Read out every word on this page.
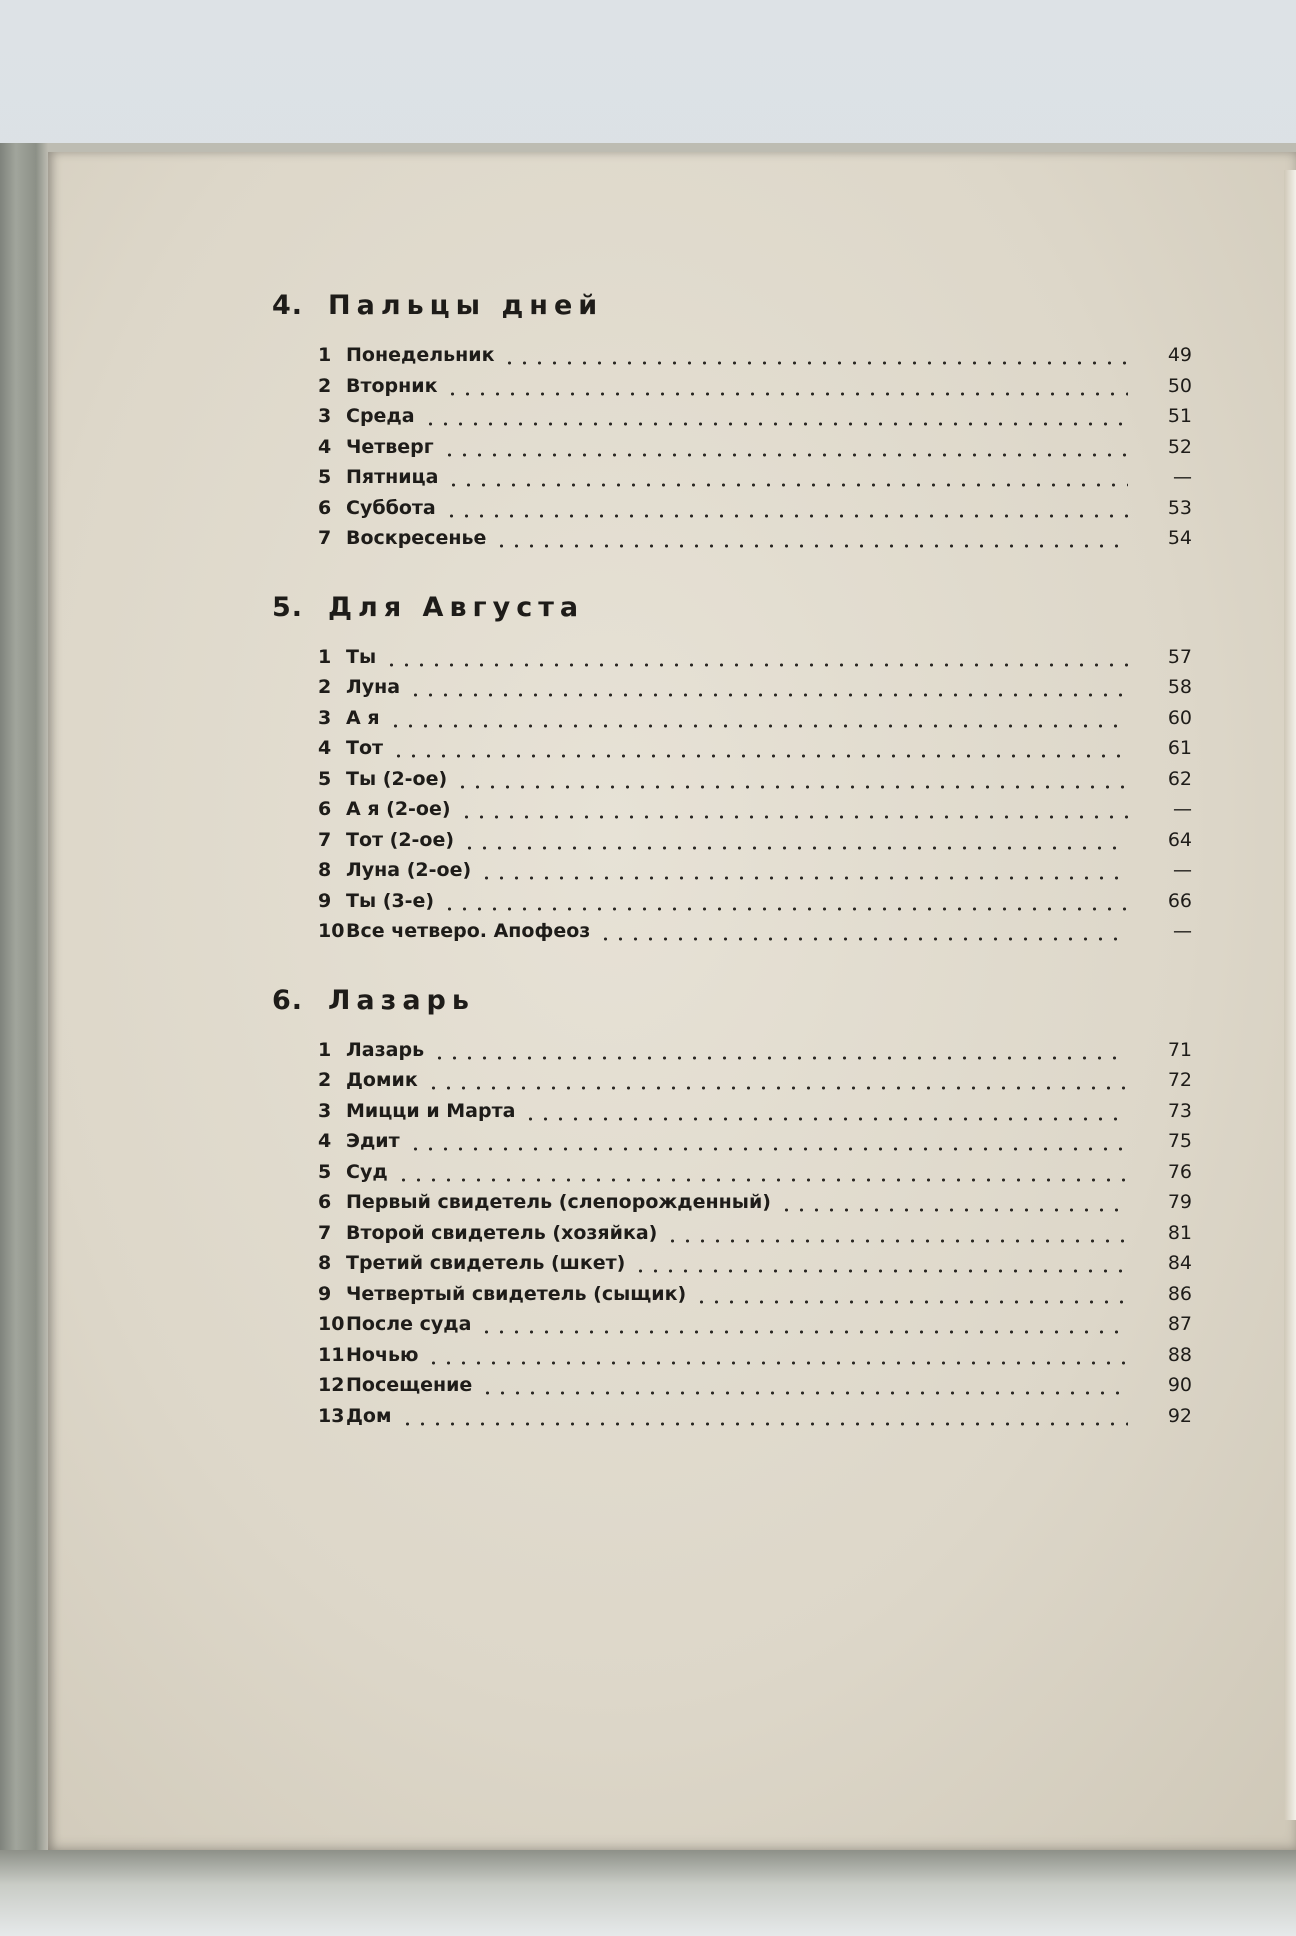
4. Пальцы дней
1 Понедельник	49
2 Вторник	50
3 Среда	51
4 Четверг	52
5 Пятница	—
6 Суббота	53
7 Воскресенье	54
5. Для Августа
1 Ты	57
2 Луна	58
3 А я	60
4 Тот	61
5 Ты (2-ое)	62
6 А я (2-ое)	—
7 Тот (2-ое)	64
8 Луна (2-ое)	—
9 Ты (3-е)	66
10 Все четверо. Апофеоз	—
6. Лазарь
1 Лазарь	71
2 Домик	72
3 Мицци и Марта	73
4 Эдит	75
5 Суд	76
6 Первый свидетель (слепорожденный)	79
7 Второй свидетель (хозяйка)	81
8 Третий свидетель (шкет)	84
9 Четвертый свидетель (сыщик)	86
10 После суда	87
11 Ночью	88
12 Посещение	90
13 Дом	92
